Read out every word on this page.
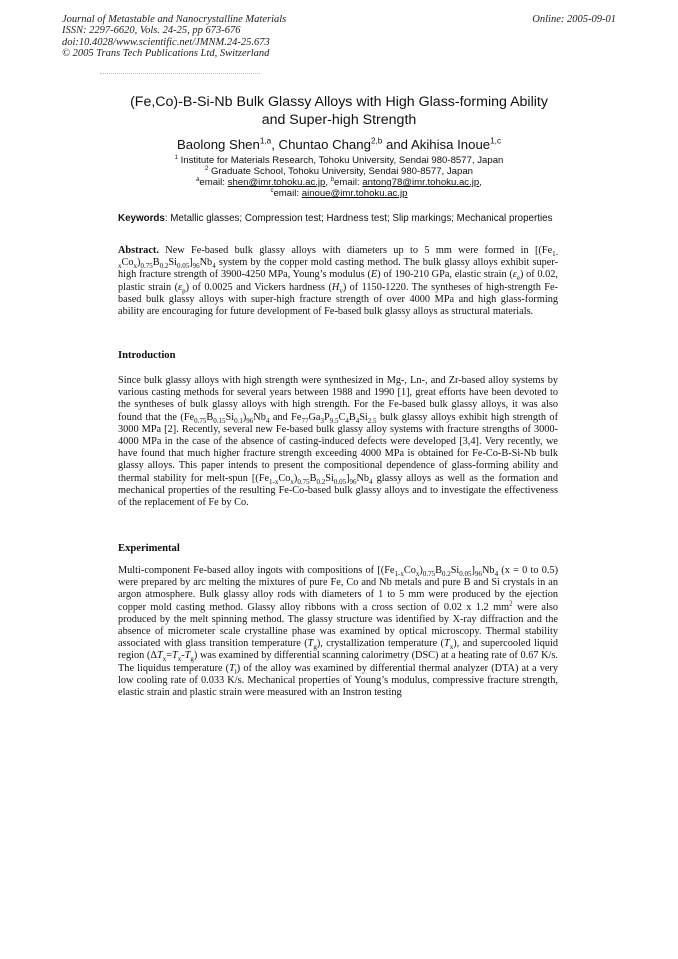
Journal of Metastable and Nanocrystalline Materials
ISSN: 2297-6620, Vols. 24-25, pp 673-676
doi:10.4028/www.scientific.net/JMNM.24-25.673
© 2005 Trans Tech Publications Ltd, Switzerland
Online: 2005-09-01
(Fe,Co)-B-Si-Nb Bulk Glassy Alloys with High Glass-forming Ability
and Super-high Strength
Baolong Shen$^{1,a}$, Chuntao Chang$^{2,b}$ and Akihisa Inoue$^{1,c}$
$^1$ Institute for Materials Research, Tohoku University, Sendai 980-8577, Japan
$^2$ Graduate School, Tohoku University, Sendai 980-8577, Japan
$^a$email: shen@imr.tohoku.ac.jp, $^b$email: antong78@imr.tohoku.ac.jp,
$^c$email: ainoue@imr.tohoku.ac.jp
Keywords: Metallic glasses; Compression test; Hardness test; Slip markings; Mechanical properties
Abstract. New Fe-based bulk glassy alloys with diameters up to 5 mm were formed in $[(Fe_{1-x}Co_x)_{0.75}B_{0.2}Si_{0.05}]_{96}Nb_4$ system by the copper mold casting method. The bulk glassy alloys exhibit super-high fracture strength of 3900-4250 MPa, Young’s modulus (E) of 190-210 GPa, elastic strain $(\varepsilon_e)$ of 0.02, plastic strain $(\varepsilon_p)$ of 0.0025 and Vickers hardness $(H_v)$ of 1150-1220. The syntheses of high-strength Fe-based bulk glassy alloys with super-high fracture strength of over 4000 MPa and high glass-forming ability are encouraging for future development of Fe-based bulk glassy alloys as structural materials.
Introduction
Since bulk glassy alloys with high strength were synthesized in Mg-, Ln-, and Zr-based alloy systems by various casting methods for several years between 1988 and 1990 [1], great efforts have been devoted to the syntheses of bulk glassy alloys with high strength. For the Fe-based bulk glassy alloys, it was also found that the $(Fe_{0.75}B_{0.15}Si_{0.1})_{96}Nb_4$ and $Fe_{77}Ga_3P_{9.5}C_4B_4Si_{2.5}$ bulk glassy alloys exhibit high strength of 3000 MPa [2]. Recently, several new Fe-based bulk glassy alloy systems with fracture strengths of 3000-4000 MPa in the case of the absence of casting-induced defects were developed [3,4]. Very recently, we have found that much higher fracture strength exceeding 4000 MPa is obtained for Fe-Co-B-Si-Nb bulk glassy alloys. This paper intends to present the compositional dependence of glass-forming ability and thermal stability for melt-spun $[(Fe_{1-x}Co_x)_{0.75}B_{0.2}Si_{0.05}]_{96}Nb_4$ glassy alloys as well as the formation and mechanical properties of the resulting Fe-Co-based bulk glassy alloys and to investigate the effectiveness of the replacement of Fe by Co.
Experimental
Multi-component Fe-based alloy ingots with compositions of $[(Fe_{1-x}Co_x)_{0.75}B_{0.2}Si_{0.05}]_{96}Nb_4$ (x = 0 to 0.5) were prepared by arc melting the mixtures of pure Fe, Co and Nb metals and pure B and Si crystals in an argon atmosphere. Bulk glassy alloy rods with diameters of 1 to 5 mm were produced by the ejection copper mold casting method. Glassy alloy ribbons with a cross section of 0.02 x 1.2 $mm^2$ were also produced by the melt spinning method. The glassy structure was identified by X-ray diffraction and the absence of micrometer scale crystalline phase was examined by optical microscopy. Thermal stability associated with glass transition temperature $(T_g)$, crystallization temperature $(T_x)$, and supercooled liquid region $(\Delta T_x=T_x-T_g)$ was examined by differential scanning calorimetry (DSC) at a heating rate of 0.67 K/s. The liquidus temperature $(T_l)$ of the alloy was examined by differential thermal analyzer (DTA) at a very low cooling rate of 0.033 K/s. Mechanical properties of Young’s modulus, compressive fracture strength, elastic strain and plastic strain were measured with an Instron testing
